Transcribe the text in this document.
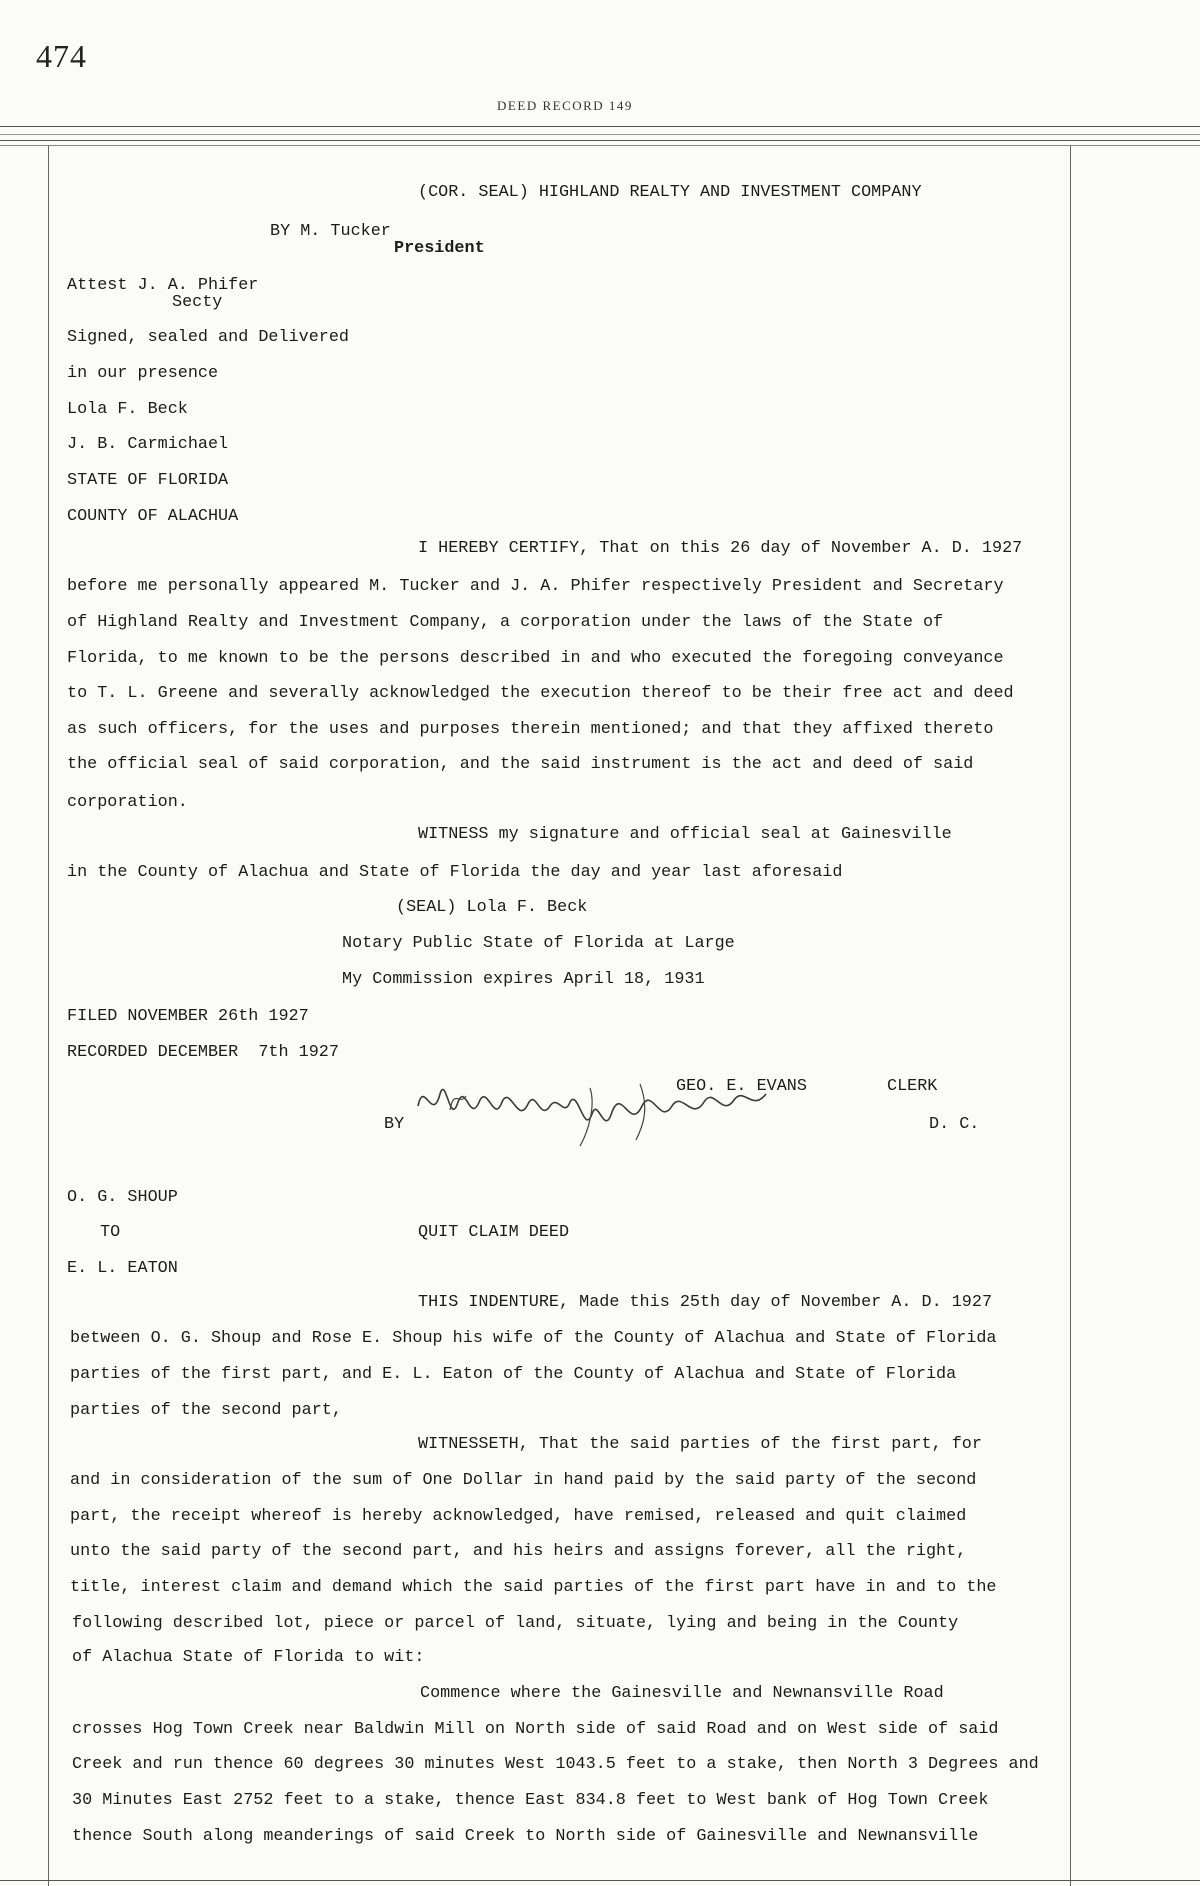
474
DEED RECORD 149
(COR. SEAL) HIGHLAND REALTY AND INVESTMENT COMPANY
BY M. Tucker
President
Attest J. A. Phifer
Secty
Signed, sealed and Delivered
in our presence
Lola F. Beck
J. B. Carmichael
STATE OF FLORIDA
COUNTY OF ALACHUA
I HEREBY CERTIFY, That on this 26 day of November A. D. 1927
before me personally appeared M. Tucker and J. A. Phifer respectively President and Secretary
of Highland Realty and Investment Company, a corporation under the laws of the State of
Florida, to me known to be the persons described in and who executed the foregoing conveyance
to T. L. Greene and severally acknowledged the execution thereof to be their free act and deed
as such officers, for the uses and purposes therein mentioned; and that they affixed thereto
the official seal of said corporation, and the said instrument is the act and deed of said
corporation.
WITNESS my signature and official seal at Gainesville
in the County of Alachua and State of Florida the day and year last aforesaid
(SEAL) Lola F. Beck
Notary Public State of Florida at Large
My Commission expires April 18, 1931
FILED NOVEMBER 26th 1927
RECORDED DECEMBER  7th 1927
GEO. E. EVANS	CLERK
BY	D. C.
O. G. SHOUP
TO	QUIT CLAIM DEED
E. L. EATON
THIS INDENTURE, Made this 25th day of November A. D. 1927
between O. G. Shoup and Rose E. Shoup his wife of the County of Alachua and State of Florida
parties of the first part, and E. L. Eaton of the County of Alachua and State of Florida
parties of the second part,
WITNESSETH, That the said parties of the first part, for
and in consideration of the sum of One Dollar in hand paid by the said party of the second
part, the receipt whereof is hereby acknowledged, have remised, released and quit claimed
unto the said party of the second part, and his heirs and assigns forever, all the right,
title, interest claim and demand which the said parties of the first part have in and to the
following described lot, piece or parcel of land, situate, lying and being in the County
of Alachua State of Florida to wit:
Commence where the Gainesville and Newnansville Road
crosses Hog Town Creek near Baldwin Mill on North side of said Road and on West side of said
Creek and run thence 60 degrees 30 minutes West 1043.5 feet to a stake, then North 3 Degrees and
30 Minutes East 2752 feet to a stake, thence East 834.8 feet to West bank of Hog Town Creek
thence South along meanderings of said Creek to North side of Gainesville and Newnansville
